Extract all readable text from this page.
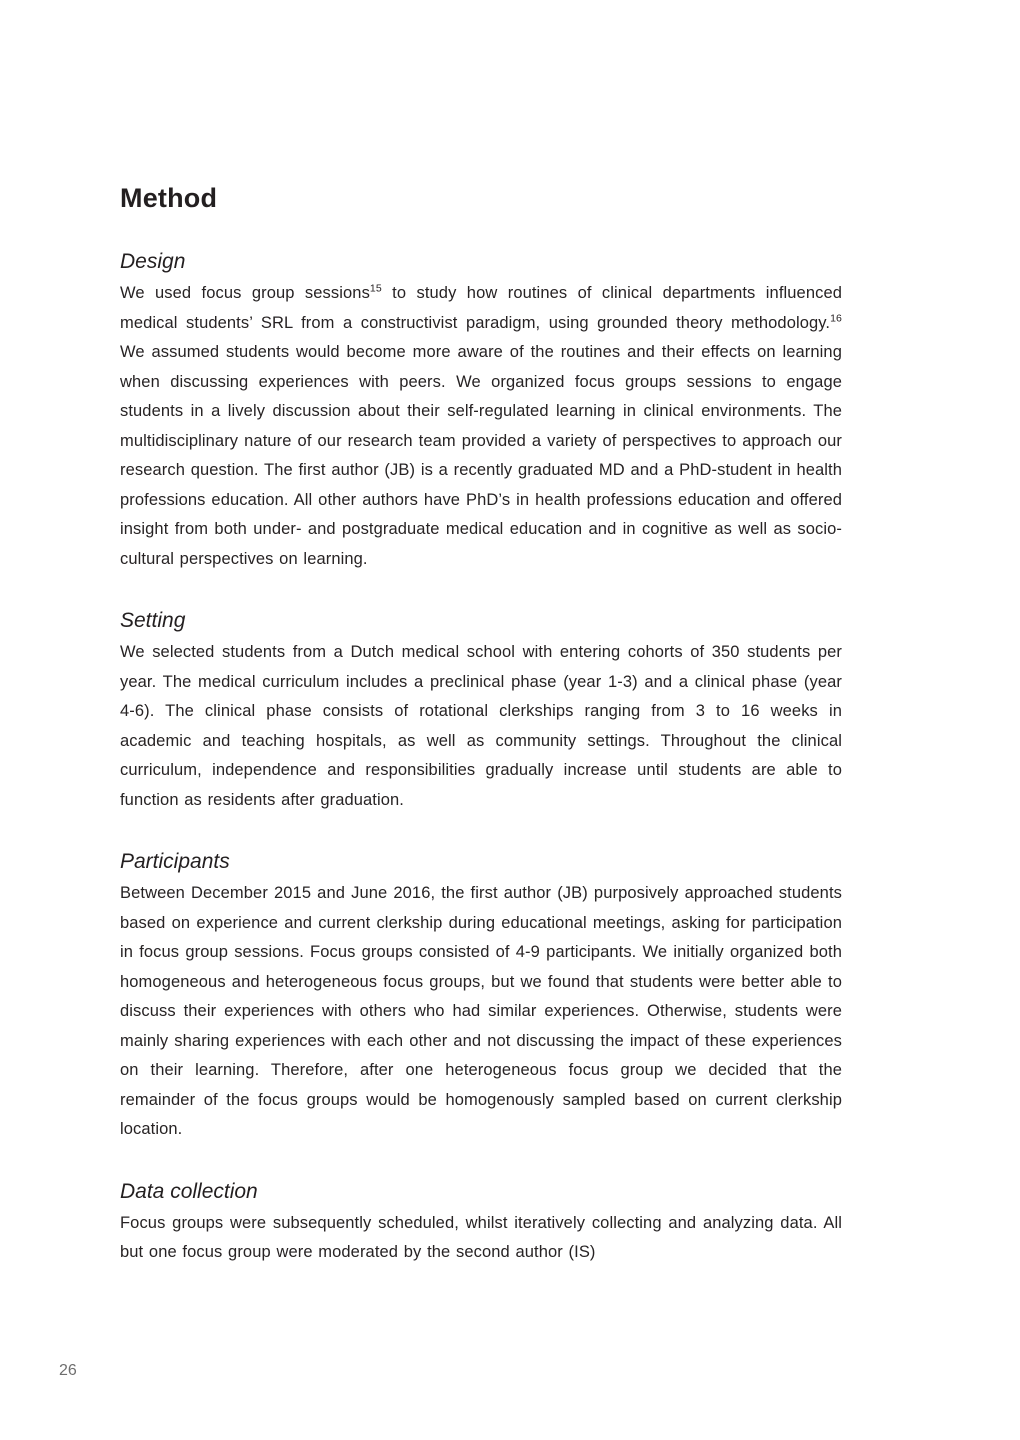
Method
Design

We used focus group sessions$^{15}$ to study how routines of clinical departments influenced medical students’ SRL from a constructivist paradigm, using grounded theory methodology.$^{16}$ We assumed students would become more aware of the routines and their effects on learning when discussing experiences with peers. We organized focus groups sessions to engage students in a lively discussion about their self-regulated learning in clinical environments. The multidisciplinary nature of our research team provided a variety of perspectives to approach our research question. The first author (JB) is a recently graduated MD and a PhD-student in health professions education. All other authors have PhD’s in health professions education and offered insight from both under- and postgraduate medical education and in cognitive as well as socio-cultural perspectives on learning.

Setting

We selected students from a Dutch medical school with entering cohorts of 350 students per year. The medical curriculum includes a preclinical phase (year 1-3) and a clinical phase (year 4-6). The clinical phase consists of rotational clerkships ranging from 3 to 16 weeks in academic and teaching hospitals, as well as community settings. Throughout the clinical curriculum, independence and responsibilities gradually increase until students are able to function as residents after graduation.

Participants

Between December 2015 and June 2016, the first author (JB) purposively approached students based on experience and current clerkship during educational meetings, asking for participation in focus group sessions. Focus groups consisted of 4-9 participants. We initially organized both homogeneous and heterogeneous focus groups, but we found that students were better able to discuss their experiences with others who had similar experiences. Otherwise, students were mainly sharing experiences with each other and not discussing the impact of these experiences on their learning. Therefore, after one heterogeneous focus group we decided that the remainder of the focus groups would be homogenously sampled based on current clerkship location.

Data collection

Focus groups were subsequently scheduled, whilst iteratively collecting and analyzing data. All but one focus group were moderated by the second author (IS)

26
